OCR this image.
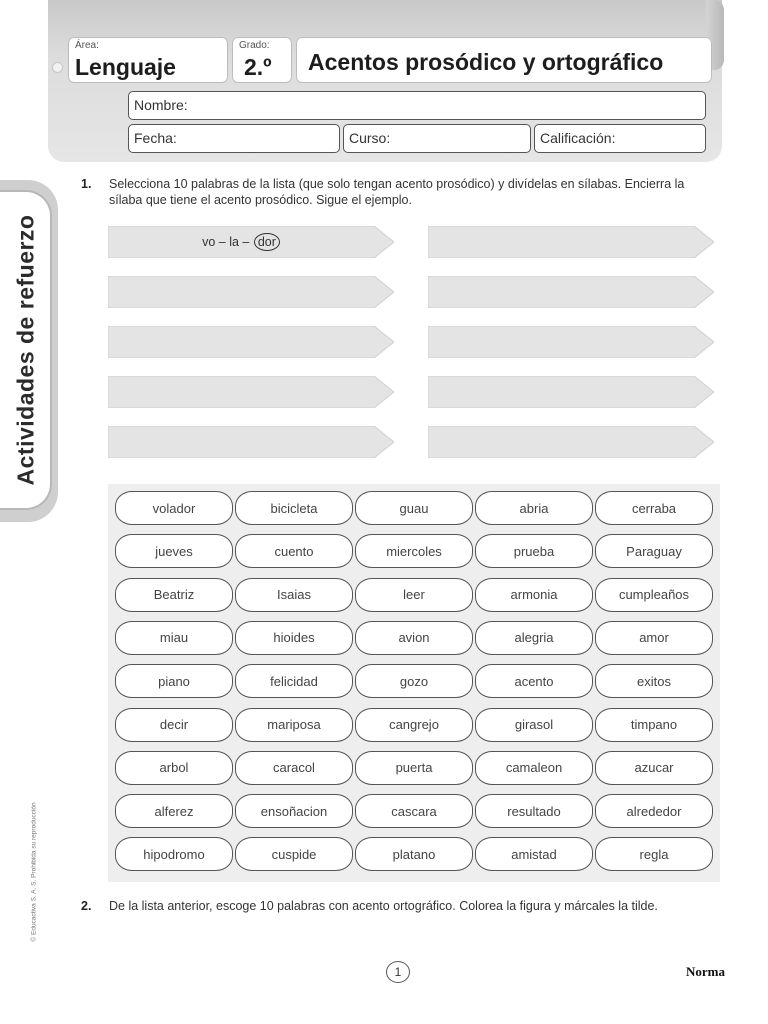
Área:
Lenguaje
Grado:
2.º Acentos prosódico y ortográfico
Nombre:
Fecha:	Curso:	Calificación:
Actividades de refuerzo
© Educactiva S. A. S. Prohibida su reproducción
1. Selecciona 10 palabras de la lista (que solo tengan acento prosódico) y divídelas en sílabas. Encierra la sílaba que tiene el acento prosódico. Sigue el ejemplo.
vo – la – dor
volador	bicicleta	guau	abria	cerraba
jueves	cuento	miercoles	prueba	Paraguay
Beatriz	Isaias	leer	armonia	cumpleaños
miau	hioides	avion	alegria	amor
piano	felicidad	gozo	acento	exitos
decir	mariposa	cangrejo	girasol	timpano
arbol	caracol	puerta	camaleon	azucar
alferez	ensoñacion	cascara	resultado	alrededor
hipodromo	cuspide	platano	amistad	regla
2. De la lista anterior, escoge 10 palabras con acento ortográfico. Colorea la figura y márcales la tilde.
1	Norma
